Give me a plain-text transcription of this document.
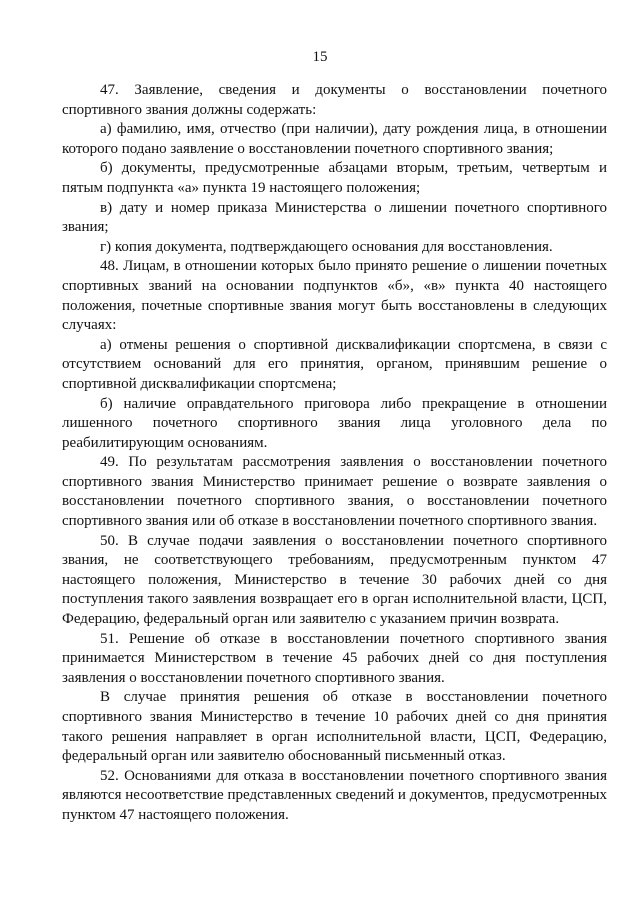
15

47. Заявление, сведения и документы о восстановлении почетного спортивного звания должны содержать:

а) фамилию, имя, отчество (при наличии), дату рождения лица, в отношении которого подано заявление о восстановлении почетного спортивного звания;

б) документы, предусмотренные абзацами вторым, третьим, четвертым и пятым подпункта «а» пункта 19 настоящего положения;

в) дату и номер приказа Министерства о лишении почетного спортивного звания;

г) копия документа, подтверждающего основания для восстановления.

48. Лицам, в отношении которых было принято решение о лишении почетных спортивных званий на основании подпунктов «б», «в» пункта 40 настоящего положения, почетные спортивные звания могут быть восстановлены в следующих случаях:

а) отмены решения о спортивной дисквалификации спортсмена, в связи с отсутствием оснований для его принятия, органом, принявшим решение о спортивной дисквалификации спортсмена;

б) наличие оправдательного приговора либо прекращение в отношении лишенного почетного спортивного звания лица уголовного дела по реабилитирующим основаниям.

49. По результатам рассмотрения заявления о восстановлении почетного спортивного звания Министерство принимает решение о возврате заявления о восстановлении почетного спортивного звания, о восстановлении почетного спортивного звания или об отказе в восстановлении почетного спортивного звания.

50. В случае подачи заявления о восстановлении почетного спортивного звания, не соответствующего требованиям, предусмотренным пунктом 47 настоящего положения, Министерство в течение 30 рабочих дней со дня поступления такого заявления возвращает его в орган исполнительной власти, ЦСП, Федерацию, федеральный орган или заявителю с указанием причин возврата.

51. Решение об отказе в восстановлении почетного спортивного звания принимается Министерством в течение 45 рабочих дней со дня поступления заявления о восстановлении почетного спортивного звания.

В случае принятия решения об отказе в восстановлении почетного спортивного звания Министерство в течение 10 рабочих дней со дня принятия такого решения направляет в орган исполнительной власти, ЦСП, Федерацию, федеральный орган или заявителю обоснованный письменный отказ.

52. Основаниями для отказа в восстановлении почетного спортивного звания являются несоответствие представленных сведений и документов, предусмотренных пунктом 47 настоящего положения.
